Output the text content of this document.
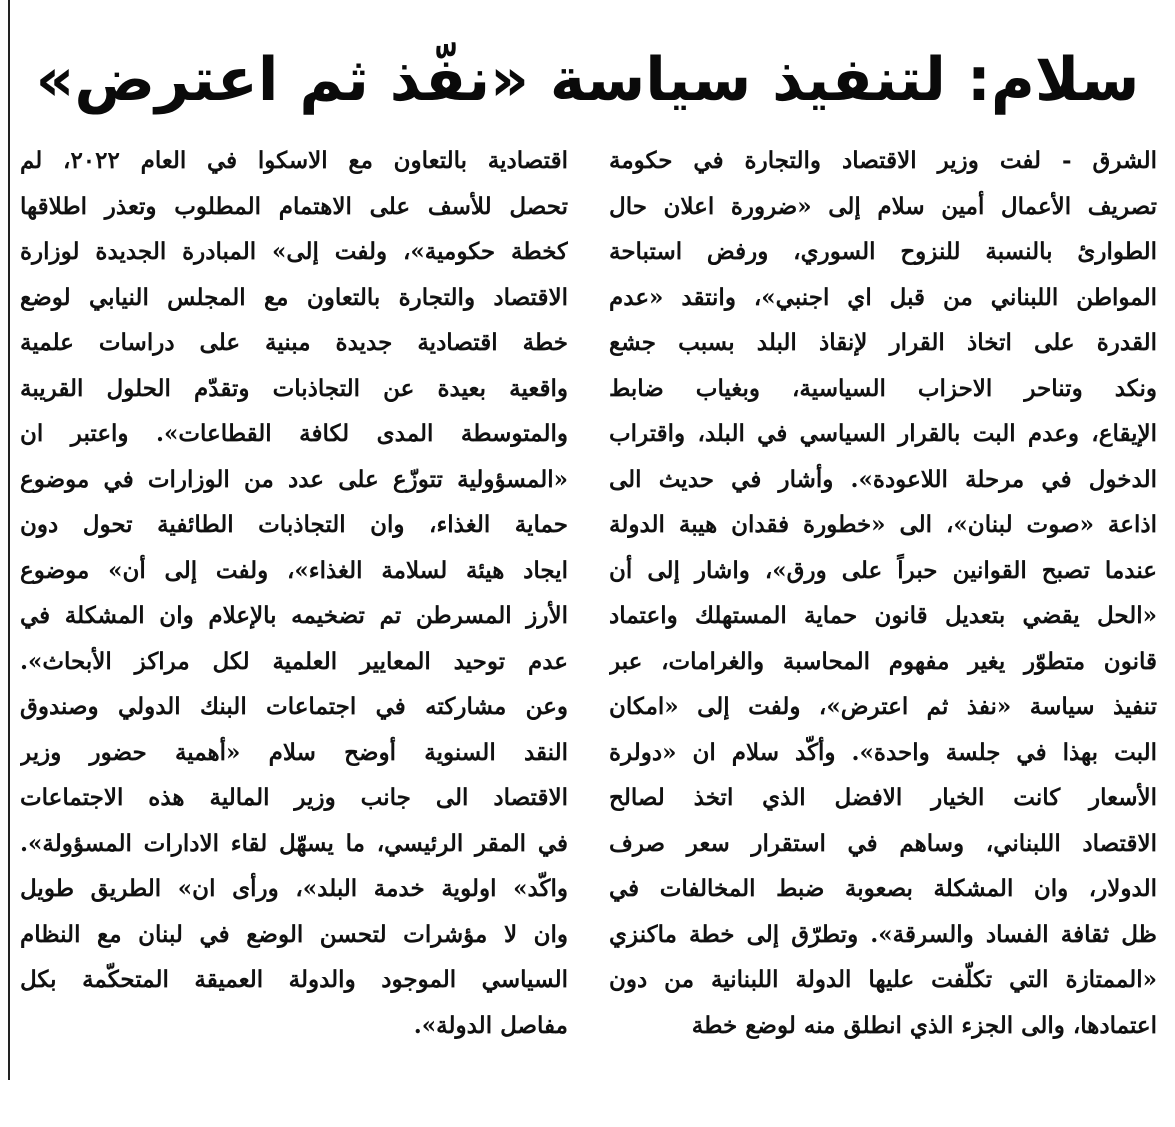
سلام: لتنفيذ سياسة «نفّذ ثم اعترض»
الشرق - لفت وزير الاقتصاد والتجارة في حكومة
تصريف الأعمال أمين سلام إلى «ضرورة اعلان حال
الطوارئ بالنسبة للنزوح السوري، ورفض استباحة
المواطن اللبناني من قبل اي اجنبي»، وانتقد «عدم
القدرة على اتخاذ القرار لإنقاذ البلد بسبب جشع
ونكد وتناحر الاحزاب السياسية، وبغياب ضابط
الإيقاع، وعدم البت بالقرار السياسي في البلد، واقتراب
الدخول في مرحلة اللاعودة». وأشار في حديث الى
اذاعة «صوت لبنان»، الى «خطورة فقدان هيبة الدولة
عندما تصبح القوانين حبراً على ورق»، واشار إلى أن
«الحل يقضي بتعديل قانون حماية المستهلك واعتماد
قانون متطوّر يغير مفهوم المحاسبة والغرامات، عبر
تنفيذ سياسة «نفذ ثم اعترض»، ولفت إلى «امكان
البت بهذا في جلسة واحدة». وأكّد سلام ان «دولرة
الأسعار كانت الخيار الافضل الذي اتخذ لصالح
الاقتصاد اللبناني، وساهم في استقرار سعر صرف
الدولار، وان المشكلة بصعوبة ضبط المخالفات في
ظل ثقافة الفساد والسرقة». وتطرّق إلى خطة ماكنزي
«الممتازة التي تكلّفت عليها الدولة اللبنانية من دون
اعتمادها، والى الجزء الذي انطلق منه لوضع خطة
اقتصادية بالتعاون مع الاسكوا في العام ٢٠٢٢، لم
تحصل للأسف على الاهتمام المطلوب وتعذر اطلاقها
كخطة حكومية»، ولفت إلى» المبادرة الجديدة لوزارة
الاقتصاد والتجارة بالتعاون مع المجلس النيابي لوضع
خطة اقتصادية جديدة مبنية على دراسات علمية
واقعية بعيدة عن التجاذبات وتقدّم الحلول القريبة
والمتوسطة المدى لكافة القطاعات». واعتبر ان
«المسؤولية تتوزّع على عدد من الوزارات في موضوع
حماية الغذاء، وان التجاذبات الطائفية تحول دون
ايجاد هيئة لسلامة الغذاء»، ولفت إلى أن» موضوع
الأرز المسرطن تم تضخيمه بالإعلام وان المشكلة في
عدم توحيد المعايير العلمية لكل مراكز الأبحاث».
وعن مشاركته في اجتماعات البنك الدولي وصندوق
النقد السنوية أوضح سلام «أهمية حضور وزير
الاقتصاد الى جانب وزير المالية هذه الاجتماعات
في المقر الرئيسي، ما يسهّل لقاء الادارات المسؤولة».
واكّد» اولوية خدمة البلد»، ورأى ان» الطريق طويل
وان لا مؤشرات لتحسن الوضع في لبنان مع النظام
السياسي الموجود والدولة العميقة المتحكّمة بكل
مفاصل الدولة».
